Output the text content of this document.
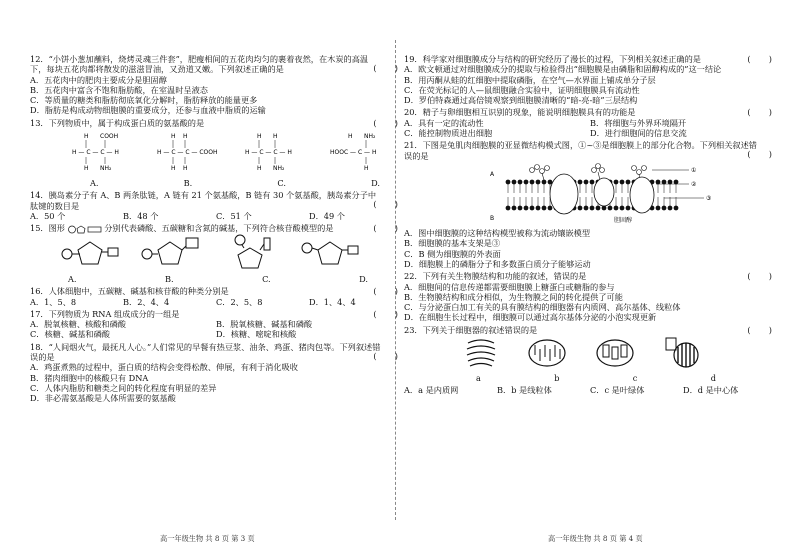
12．“小饼小葱加蘸料，烧烤灵魂三件套”，肥瘦相间的五花肉均匀的裹着夜然，在木炭的高温下，每块五花肉都将散发的滋滋冒油，又劲道又嫩。下列叙述正确的是	(       )
A．五花肉中的肥肉主要成分是胆固醇
B．五花肉中富含不饱和脂肪酸，在室温时呈液态
C．等质量的糖类和脂肪彻底氧化分解时，脂肪释放的能量更多
D．脂肪是构成动物细胞膜的重要成分，还参与血液中脂质的运输
13．下列物质中，属于构成蛋白质的氨基酸的是	(       )
H COOH
H — C — C — H
H NH₂
H H
H — C — C — COOH
H H
H H
H — C — C — H
H NH₂
H NH₂
HOOC — C — H
H
A.	B.	C.	D.
14．胰岛素分子有 A、B 两条肽链，A 链有 21 个氨基酸，B 链有 30 个氨基酸，胰岛素分子中肽键的数目是	(       )
A．50 个	B．48 个	C．51 个	D．49 个
15．图形	分别代表磷酸、五碳糖和含氮的碱基，下列符合核苷酸模型的是	(       )
A.	B.	C.	D.
16．人体细胞中，五碳糖、碱基和核苷酸的种类分别是	(       )
A．1、5、8	B．2、4、4	C．2、5、8	D．1、4、4
17．下列物质为 RNA 组成成分的一组是	(       )
A．脱氧核糖、核酸和磷酸	B．脱氧核糖、碱基和磷酸
C．核糖、碱基和磷酸	D．核糖、嘧啶和核酸
18．“人间烟火气，最抚凡人心。”人们常见的早餐有热豆浆、油条、鸡蛋、猪肉包等。下列叙述错误的是	(       )
A．鸡蛋煮熟的过程中，蛋白质的结构会变得松散、伸展，有利于消化吸收
B．猪肉细胞中的核酸只有 DNA
C．人体内脂肪和糖类之间的转化程度有明显的差异
D．非必需氨基酸是人体所需要的氨基酸
19．科学家对细胞膜成分与结构的研究经历了漫长的过程，下列相关叙述正确的是	(       )
A．欧文顿通过对细胞膜成分的提取与检验得出“细胞膜是由磷脂和固醇构成的”这一结论
B．用丙酮从蛙的红细胞中提取磷脂，在空气—水界面上铺成单分子层
C．在荧光标记的人—鼠细胞融合实验中，证明细胞膜具有流动性
D．罗伯特森通过高倍镜观察到细胞膜清晰的“暗-亮-暗”三层结构
20．精子与卵细胞相互识别的现象，能说明细胞膜具有的功能是	(       )
A．具有一定的流动性	B．将细胞与外界环境隔开
C．能控制物质进出细胞	D．进行细胞间的信息交流
21．下图是兔肌肉细胞膜的亚显微结构模式图，①~③是细胞膜上的部分化合物。下列相关叙述错误的是	(       )
A
B
①
②
③
胆固醇
A．图中细胞膜的这种结构模型被称为流动镶嵌模型
B．细胞膜的基本支架是③
C．B 侧为细胞膜的外表面
D．细胞膜上的磷脂分子和多数蛋白质分子能够运动
22．下列有关生物膜结构和功能的叙述，错误的是	(       )
A．细胞间的信息传递都需要细胞膜上糖蛋白或糖脂的参与
B．生物膜结构和成分相似，为生物膜之间的转化提供了可能
C．与分泌蛋白加工有关的具有膜结构的细胞器有内质网、高尔基体、线粒体
D．在细胞生长过程中，细胞膜可以通过高尔基体分泌的小泡实现更新
23．下列关于细胞器的叙述错误的是	(       )
a	b	c	d
A．a 是内质网	B．b 是线粒体	C．c 是叶绿体	D．d 是中心体
高一年级生物 共 8 页 第 3 页	高一年级生物 共 8 页 第 4 页
